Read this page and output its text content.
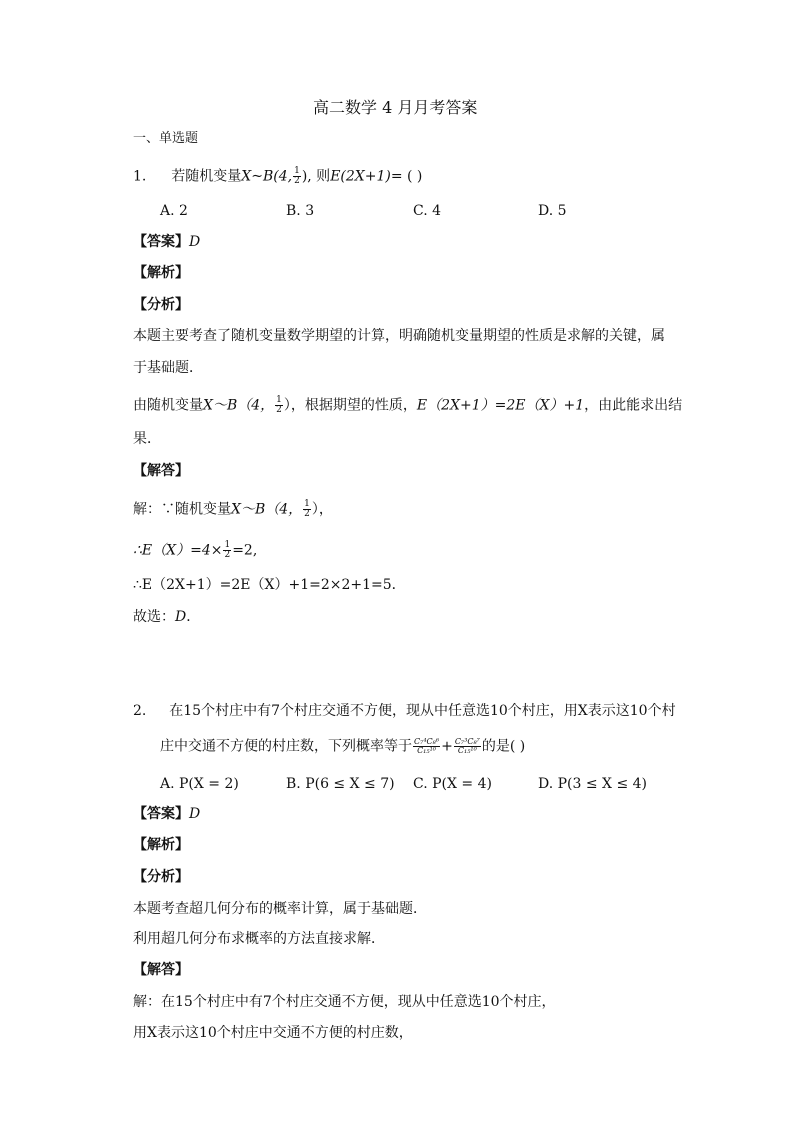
高二数学 4 月月考答案
一、单选题
1. 若随机变量X~B(4, $\frac{1}{2}$ ), 则E(2X+1)= ( )
A. 2	B. 3	C. 4	D. 5
【答案】D
【解析】
【分析】
本题主要考查了随机变量数学期望的计算，明确随机变量期望的性质是求解的关键，属
于基础题．
由随机变量X～B（4， $\frac{1}{2}$ ），根据期望的性质，E（2X+1）=2E（X）+1，由此能求出结
果．
【解答】
解：∵随机变量X～B（4， $\frac{1}{2}$ ），
∴E（X）=4× $\frac{1}{2} =2$,
∴E（2X+1）=2E（X）+1=2×2+1=5．
故选：D．
2. 在15个村庄中有7个村庄交通不方便，现从中任意选10个村庄，用X表示这10个村
庄中交通不方便的村庄数，下列概率等于 $\frac{\text{C₇⁴C₈⁶}}{\text{C₁₅¹⁰}} + \frac{\text{C₇³C₈⁷}}{\text{C₁₅¹⁰}}$ 的是( )
A. P(X = 2)	B. P(6 ≤ X ≤ 7) C. P(X = 4)	D. P(3 ≤ X ≤ 4)
【答案】D
【解析】
【分析】
本题考查超几何分布的概率计算，属于基础题．
利用超几何分布求概率的方法直接求解．
【解答】
解：在15个村庄中有7个村庄交通不方便，现从中任意选10个村庄，
用X表示这10个村庄中交通不方便的村庄数，
